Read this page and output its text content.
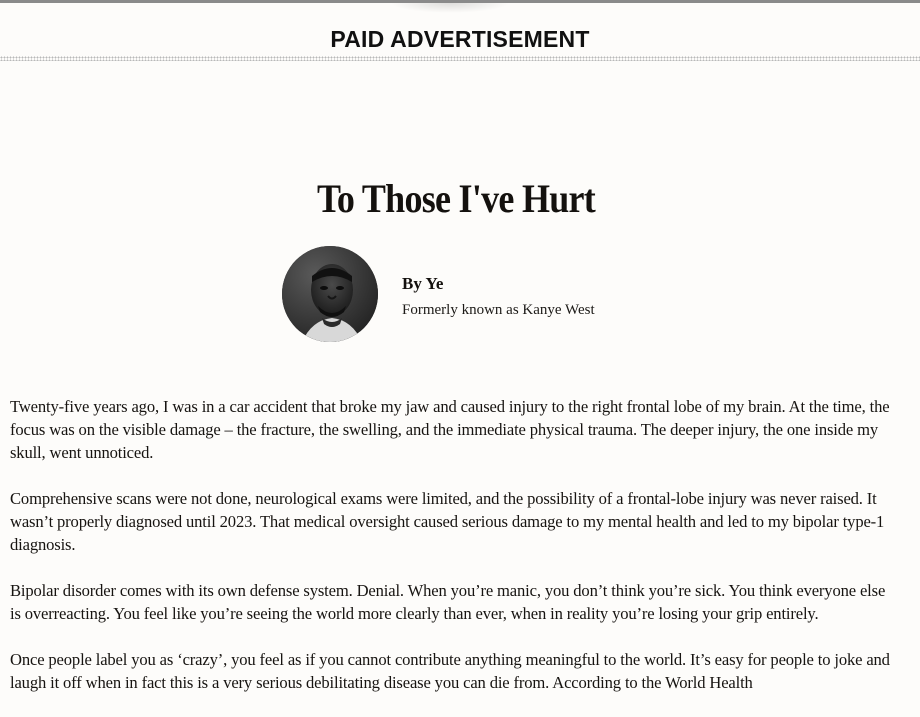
PAID ADVERTISEMENT
To Those I've Hurt
By Ye
Formerly known as Kanye West

Twenty-five years ago, I was in a car accident that broke my jaw and caused injury to the right frontal lobe of my brain. At the time, the focus was on the visible damage – the fracture, the swelling, and the immediate physical trauma. The deeper injury, the one inside my skull, went unnoticed.

Comprehensive scans were not done, neurological exams were limited, and the possibility of a frontal-lobe injury was never raised. It wasn’t properly diagnosed until 2023. That medical oversight caused serious damage to my mental health and led to my bipolar type-1 diagnosis.

Bipolar disorder comes with its own defense system. Denial. When you’re manic, you don’t think you’re sick. You think everyone else is overreacting. You feel like you’re seeing the world more clearly than ever, when in reality you’re losing your grip entirely.

Once people label you as ‘crazy’, you feel as if you cannot contribute anything meaningful to the world. It’s easy for people to joke and laugh it off when in fact this is a very serious debilitating disease you can die from. According to the World Health
